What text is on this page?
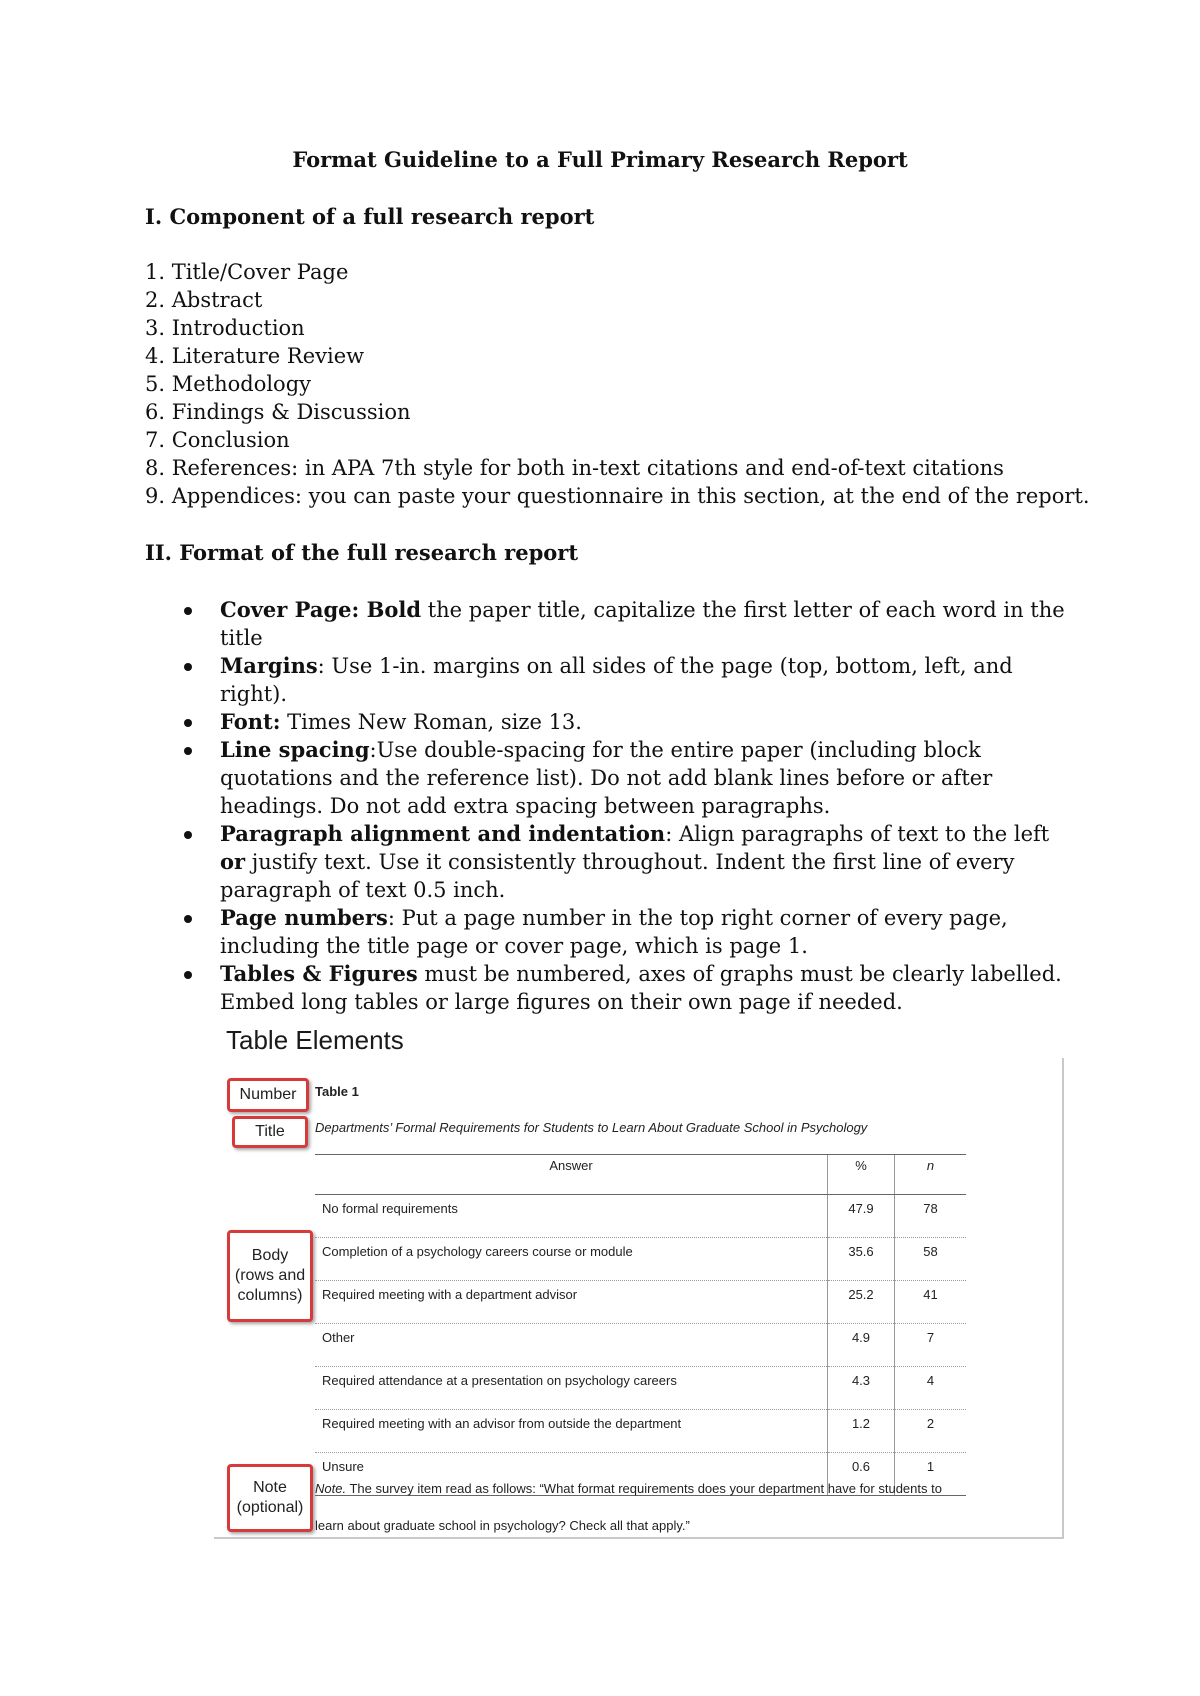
Format Guideline to a Full Primary Research Report
I. Component of a full research report
1. Title/Cover Page
2. Abstract
3. Introduction
4. Literature Review
5. Methodology
6. Findings & Discussion
7. Conclusion
8. References: in APA 7th style for both in-text citations and end-of-text citations
9. Appendices: you can paste your questionnaire in this section, at the end of the report.
II. Format of the full research report
Cover Page: Bold the paper title, capitalize the first letter of each word in the title
Margins: Use 1-in. margins on all sides of the page (top, bottom, left, and right).
Font: Times New Roman, size 13.
Line spacing:Use double-spacing for the entire paper (including block quotations and the reference list). Do not add blank lines before or after headings. Do not add extra spacing between paragraphs.
Paragraph alignment and indentation: Align paragraphs of text to the left or justify text. Use it consistently throughout. Indent the first line of every paragraph of text 0.5 inch.
Page numbers: Put a page number in the top right corner of every page, including the title page or cover page, which is page 1.
Tables & Figures must be numbered, axes of graphs must be clearly labelled. Embed long tables or large figures on their own page if needed.
Table Elements
Number
Title
Body
(rows and
columns)
Note
(optional)
Table 1
Departments’ Formal Requirements for Students to Learn About Graduate School in Psychology
Answer	%	n
No formal requirements	47.9	78
Completion of a psychology careers course or module	35.6	58
Required meeting with a department advisor	25.2	41
Other	4.9	7
Required attendance at a presentation on psychology careers	4.3	4
Required meeting with an advisor from outside the department	1.2	2
Unsure	0.6	1
Note. The survey item read as follows: “What format requirements does your department have for students to learn about graduate school in psychology? Check all that apply.”
